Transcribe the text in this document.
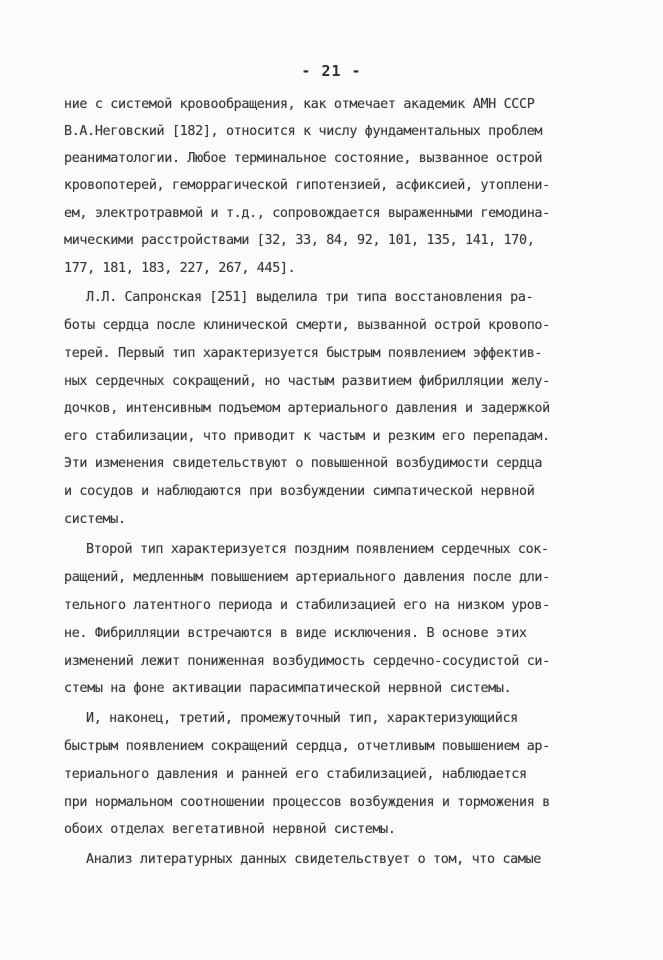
- 21 -
ние с системой кровообращения, как отмечает академик АМН СССР
В.А.Неговский [182], относится к числу фундаментальных проблем
реаниматологии. Любое терминальное состояние, вызванное острой
кровопотерей, геморрагической гипотензией, асфиксией, утоплени-
ем, электротравмой и т.д., сопровождается выраженными гемодина-
мическими расстройствами [32, 33, 84, 92, 101, 135, 141, 170,
177, 181, 183, 227, 267, 445].
Л.Л. Сапронская [251] выделила три типа восстановления ра-
боты сердца после клинической смерти, вызванной острой кровопо-
терей. Первый тип характеризуется быстрым появлением эффектив-
ных сердечных сокращений, но частым развитием фибрилляции желу-
дочков, интенсивным подъемом артериального давления и задержкой
его стабилизации, что приводит к частым и резким его перепадам.
Эти изменения свидетельствуют о повышенной возбудимости сердца
и сосудов и наблюдаются при возбуждении симпатической нервной
системы.
Второй тип характеризуется поздним появлением сердечных сок-
ращений, медленным повышением артериального давления после дли-
тельного латентного периода и стабилизацией его на низком уров-
не. Фибрилляции встречаются в виде исключения. В основе этих
изменений лежит пониженная возбудимость сердечно-сосудистой си-
стемы на фоне активации парасимпатической нервной системы.
И, наконец, третий, промежуточный тип, характеризующийся
быстрым появлением сокращений сердца, отчетливым повышением ар-
териального давления и ранней его стабилизацией, наблюдается
при нормальном соотношении процессов возбуждения и торможения в
обоих отделах вегетативной нервной системы.
Анализ литературных данных свидетельствует о том, что самые
